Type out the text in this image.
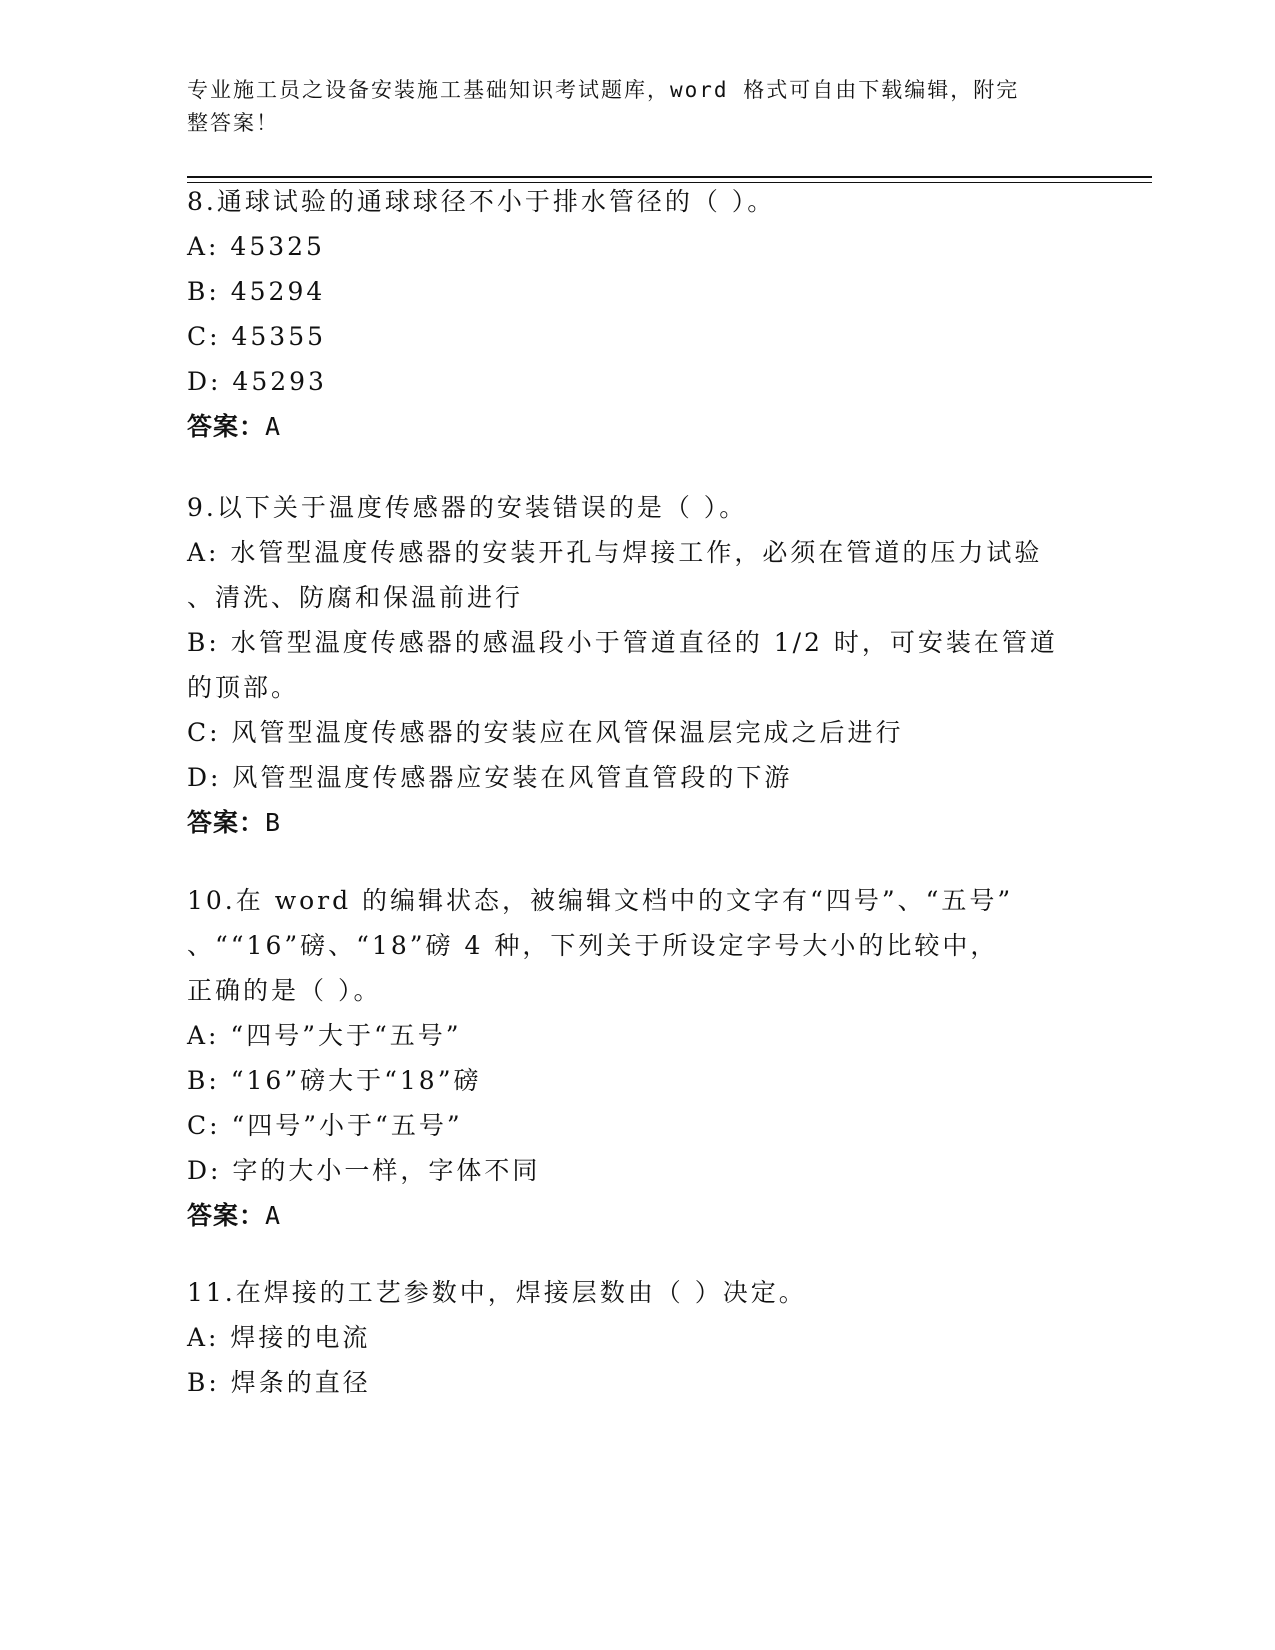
专业施工员之设备安装施工基础知识考试题库，word 格式可自由下载编辑，附完
整答案！
8.通球试验的通球球径不小于排水管径的（ ）。
A: 45325
B: 45294
C: 45355
D: 45293
答案：A
9.以下关于温度传感器的安装错误的是（ ）。
A: 水管型温度传感器的安装开孔与焊接工作，必须在管道的压力试验
、清洗、防腐和保温前进行
B: 水管型温度传感器的感温段小于管道直径的 1/2 时，可安装在管道
的顶部。
C: 风管型温度传感器的安装应在风管保温层完成之后进行
D: 风管型温度传感器应安装在风管直管段的下游
答案：B
10.在 word 的编辑状态，被编辑文档中的文字有“四号”、“五号”
、““16”磅、“18”磅 4 种，下列关于所设定字号大小的比较中，
正确的是（ ）。
A: “四号”大于“五号”
B: “16”磅大于“18”磅
C: “四号”小于“五号”
D: 字的大小一样，字体不同
答案：A
11.在焊接的工艺参数中，焊接层数由（ ）决定。
A: 焊接的电流
B: 焊条的直径
